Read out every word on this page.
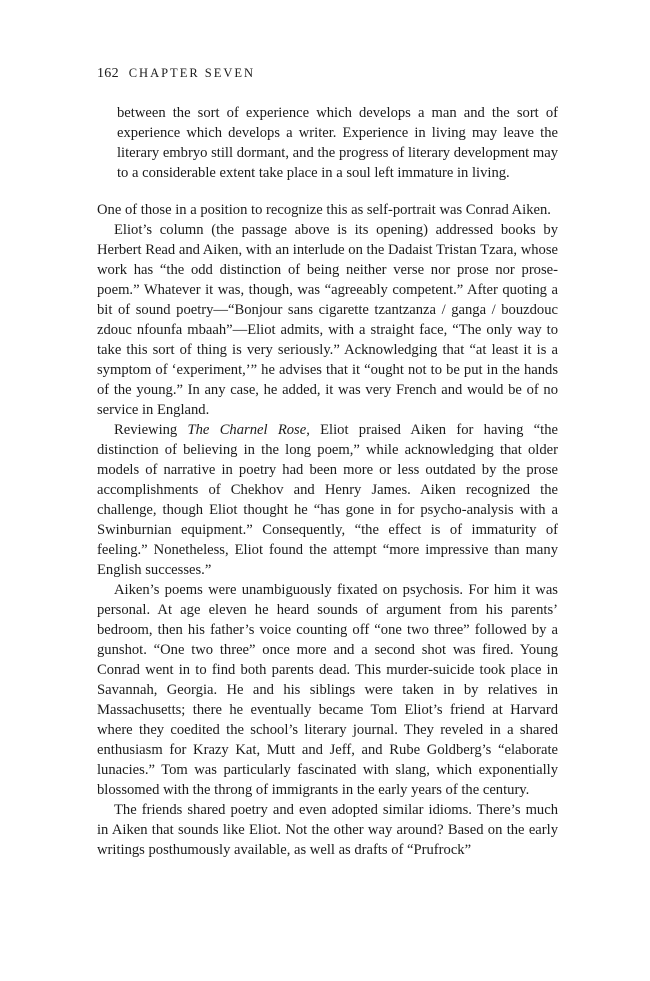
162 CHAPTER SEVEN

between the sort of experience which develops a man and the sort of experience which develops a writer. Experience in living may leave the literary embryo still dormant, and the progress of literary development may to a considerable extent take place in a soul left immature in living.

One of those in a position to recognize this as self-portrait was Conrad Aiken.

Eliot’s column (the passage above is its opening) addressed books by Herbert Read and Aiken, with an interlude on the Dadaist Tristan Tzara, whose work has “the odd distinction of being neither verse nor prose nor prose-poem.” Whatever it was, though, was “agreeably competent.” After quoting a bit of sound poetry—“Bonjour sans cigarette tzantzanza / ganga / bouzdouc zdouc nfounfa mbaah”—Eliot admits, with a straight face, “The only way to take this sort of thing is very seriously.” Acknowledging that “at least it is a symptom of ‘experiment,’” he advises that it “ought not to be put in the hands of the young.” In any case, he added, it was very French and would be of no service in England.

Reviewing The Charnel Rose, Eliot praised Aiken for having “the distinction of believing in the long poem,” while acknowledging that older models of narrative in poetry had been more or less outdated by the prose accomplishments of Chekhov and Henry James. Aiken recognized the challenge, though Eliot thought he “has gone in for psycho-analysis with a Swinburnian equipment.” Consequently, “the effect is of immaturity of feeling.” Nonetheless, Eliot found the attempt “more impressive than many English successes.”

Aiken’s poems were unambiguously fixated on psychosis. For him it was personal. At age eleven he heard sounds of argument from his parents’ bedroom, then his father’s voice counting off “one two three” followed by a gunshot. “One two three” once more and a second shot was fired. Young Conrad went in to find both parents dead. This murder-suicide took place in Savannah, Georgia. He and his siblings were taken in by relatives in Massachusetts; there he eventually became Tom Eliot’s friend at Harvard where they coedited the school’s literary journal. They reveled in a shared enthusiasm for Krazy Kat, Mutt and Jeff, and Rube Goldberg’s “elaborate lunacies.” Tom was particularly fascinated with slang, which exponentially blossomed with the throng of immigrants in the early years of the century.

The friends shared poetry and even adopted similar idioms. There’s much in Aiken that sounds like Eliot. Not the other way around? Based on the early writings posthumously available, as well as drafts of “Prufrock”
